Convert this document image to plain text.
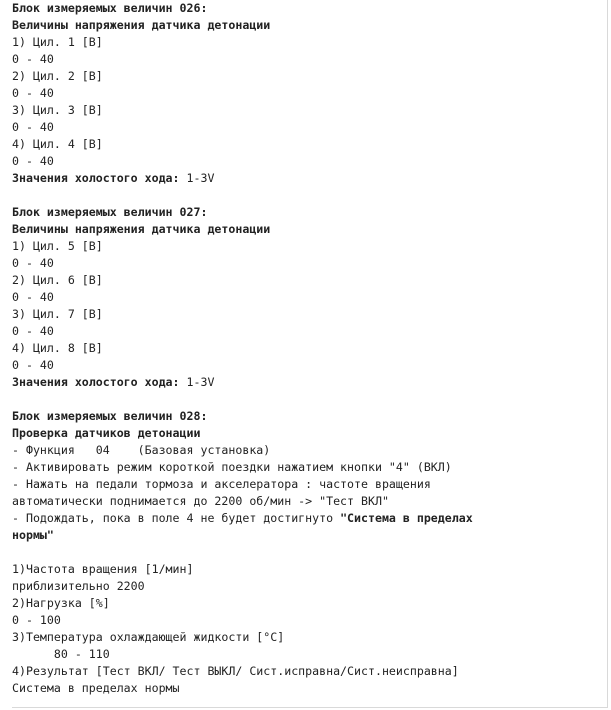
Блок измеряемых величин 026:
Величины напряжения датчика детонации
1) Цил. 1 [В]
0 - 40
2) Цил. 2 [В]
0 - 40
3) Цил. 3 [В]
0 - 40
4) Цил. 4 [В]
0 - 40
Значения холостого хода: 1-3V
Блок измеряемых величин 027:
Величины напряжения датчика детонации
1) Цил. 5 [В]
0 - 40
2) Цил. 6 [В]
0 - 40
3) Цил. 7 [В]
0 - 40
4) Цил. 8 [В]
0 - 40
Значения холостого хода: 1-3V
Блок измеряемых величин 028:
Проверка датчиков детонации
- Функция   04    (Базовая установка)
- Активировать режим короткой поездки нажатием кнопки "4" (ВКЛ)
- Нажать на педали тормоза и акселератора : частоте вращения
автоматически поднимается до 2200 об/мин -> "Тест ВКЛ"
- Подождать, пока в поле 4 не будет достигнуто "Система в пределах
нормы"
1)Частота вращения [1/мин]
приблизительно 2200
2)Нагрузка [%]
0 - 100
3)Температура охлаждающей жидкости [°C]
80 - 110
4)Результат [Тест ВКЛ/ Тест ВЫКЛ/ Сист.исправна/Сист.неисправна]
Система в пределах нормы
